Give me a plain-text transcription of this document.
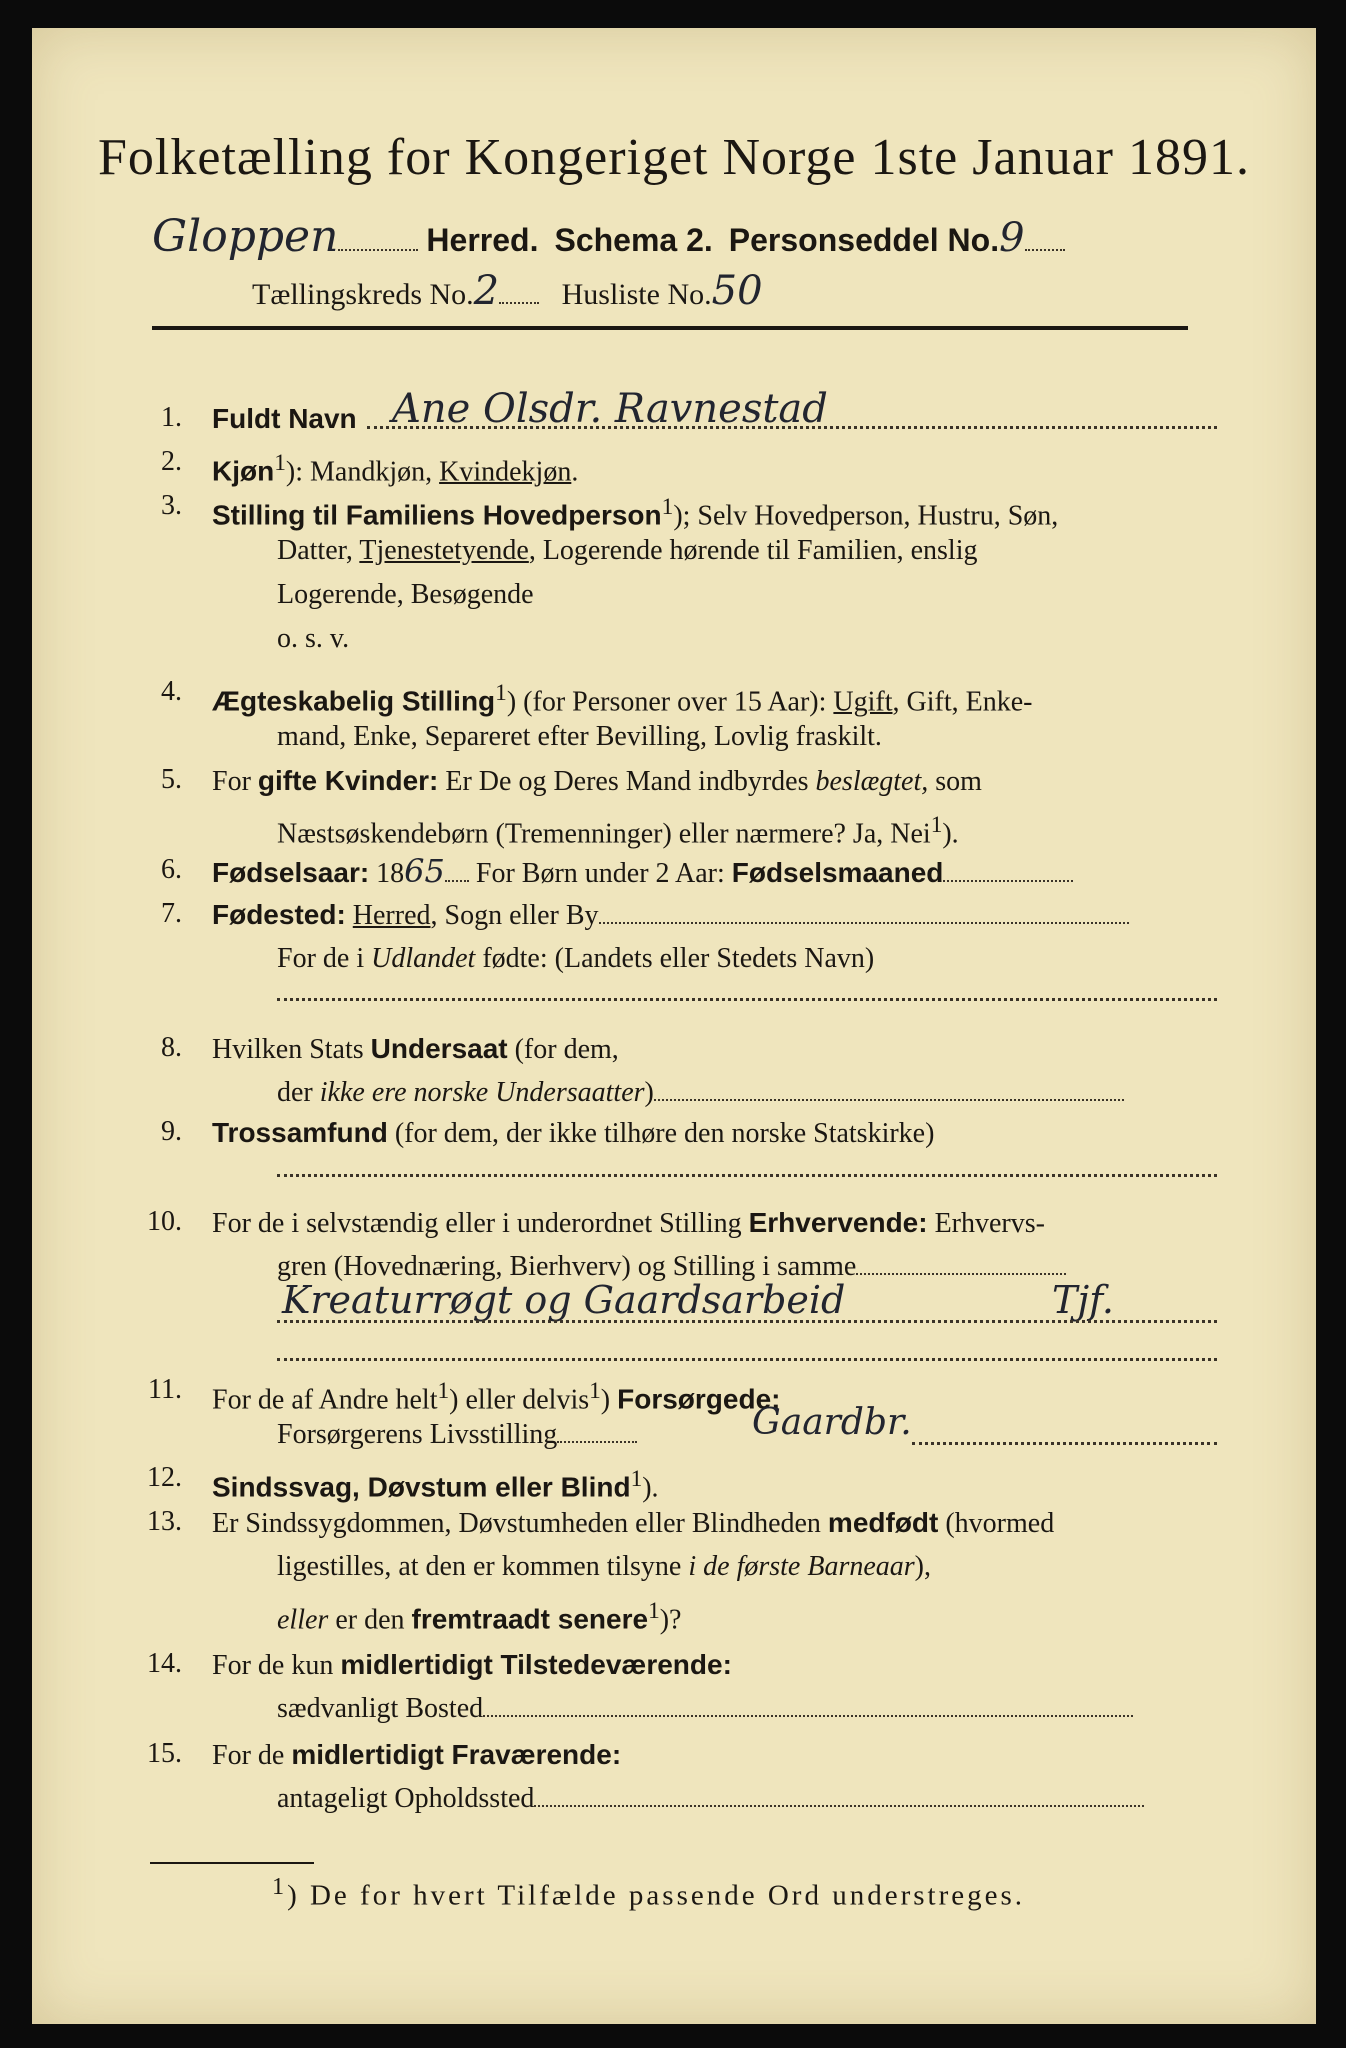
Folketælling for Kongeriget Norge 1ste Januar 1891.
Gloppen	Herred. Schema 2. Personseddel No.9
Tællingskreds No.2 Husliste No.50
1. Fuldt Navn Ane Olsdr. Ravnestad
2. Kjøn$^1$): Mandkjøn, Kvindekjøn.
3. Stilling til Familiens Hovedperson$^1$); Selv Hovedperson, Hustru, Søn,
Datter, Tjenestetyende, Logerende hørende til Familien, enslig
Logerende, Besøgende
o. s. v.
4. Ægteskabelig Stilling$^1$) (for Personer over 15 Aar): Ugift, Gift, Enke-
mand, Enke, Separeret efter Bevilling, Lovlig fraskilt.
5. For gifte Kvinder: Er De og Deres Mand indbyrdes beslægtet, som
Næstsøskendebørn (Tremenninger) eller nærmere? Ja, Nei$^1$).
6. Fødselsaar: 1865 For Børn under 2 Aar: Fødselsmaaned
7. Fødested: Herred, Sogn eller By
For de i Udlandet fødte: (Landets eller Stedets Navn)
8. Hvilken Stats Undersaat (for dem,
der ikke ere norske Undersaatter)
9. Trossamfund (for dem, der ikke tilhøre den norske Statskirke)
10. For de i selvstændig eller i underordnet Stilling Erhvervende: Erhvervs-
gren (Hovednæring, Bierhverv) og Stilling i samme
Kreaturrøgt og Gaardsarbeid	Tjf.
11. For de af Andre helt$^1$) eller delvis$^1$) Forsørgede:
Forsørgerens Livsstilling	Gaardbr.
12. Sindssvag, Døvstum eller Blind$^1$).
13. Er Sindssygdommen, Døvstumheden eller Blindheden medfødt (hvormed
ligestilles, at den er kommen tilsyne i de første Barneaar),
eller er den fremtraadt senere$^1$)?
14. For de kun midlertidigt Tilstedeværende:
sædvanligt Bosted
15. For de midlertidigt Fraværende:
antageligt Opholdssted
$^1$) De for hvert Tilfælde passende Ord understreges.
